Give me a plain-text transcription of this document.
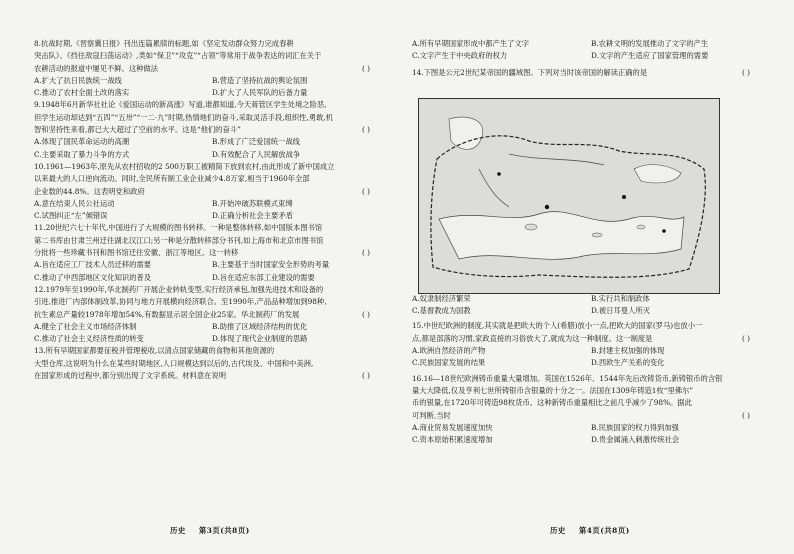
8.抗战时期,《晋察冀日报》刊出连篇累牍的标题,如《坚定发动群众努力完成春耕
突击队》、《挡住敌寇扫荡运动》,类如“保卫”“攻克”“占领”等常用于战争表达的词汇在关于
( )
农耕活动的报道中屡见不鲜。这种做法
A.扩大了抗日民族统一战线	B.营造了坚持抗战的舆论氛围
C.推动了农村全面土改的落实	D.扩大了人民军队的后备力量
9.1948年6月新华社社论《爱国运动的新高涨》写道,谁都知道,今天蒋管区学生处境之险恶,
但学生运动却达到“五四”“五卅”“一二·九”时期,热情地们的奋斗,采取灵活手段,组织性,勇敢,机
( )
智和坚持性来看,都已大大超过了空前的水平。这是“他们的奋斗”
A.体现了国民革命运动的高潮	B.形成了广泛爱国统一战线
C.主要采取了暴力斗争的方式	D.有效配合了人民解放战争
10.1961—1963年,原先从农村招收的2 500万职工被精简下放到农村,由此形成了新中国成立
以来最大的人口逆向流动。同时,全民所有制工业企业减少4.8万家,相当于1960年全部
( )
企业数的44.8%。这表明党和政府
A.意在结束人民公社运动	B.开始冲破苏联模式束缚
C.试图纠正“左”倾错误	D.正确分析社会主要矛盾
11.20世纪六七十年代,中国进行了大规模的图书转移。一种是整体转移,如中国版本图书馆
第二书库由甘肃兰州迁往湖北汉江口;另一种是分散转移部分书刊,如上海市和北京市图书馆
( )
分批将一些珍藏书刊和图书馆迁往安徽、浙江等地区。这一转移
A.旨在适应工厂技术人员迁移的需要	B.主要基于当时国家安全形势的考量
C.推动了中西部地区文化知识的普及	D.旨在适应东部工业建设的需要
12.1979年至1990年,华北制药厂开展企业转轨变型,实行经济承包,加强先进技术和设备的
引进,推进厂内部体制改革,协同与地方开展横向经济联合。至1990年,产品品种增加到98种,
( )
抗生素总产量较1978年增加54%,有数据显示居全国企业25家。华北制药厂的发展
A.健全了社会主义市场经济体制	B.助推了区域经济结构的优化
C.推动了社会主义经济性质的转变	D.体现了现代企业制度的思路
13.所有早期国家都要征税并管理税收,以清点国家储藏的食物和其他资源的
大型仓库,这说明为什么在某些时期地区,人口规模达到以后的,古代埃及、中国和中美洲,
( )
在国家形成的过程中,都分别出现了文字系统。材料意在说明
历史 第3页(共8页)
A.所有早期国家形成中都产生了文字	B.农耕文明的发展推动了文字的产生
C.文字产生于中央政府的权力	D.文字的产生适应了国家管理的需要
( )
14.下图是公元2世纪某帝国的疆域图。下列对当时该帝国的解读正确的是
A.奴隶制经济繁荣	B.实行共和制政体
C.基督教成为国教	D.被日耳曼人所灭
15.中世纪欧洲的制度,其实就是把欧大的个人(希腊)放小一点,把欧大的国家(罗马)也放小一
( )
点,都是部落的习惯,家政直接的习俗放大了,就成为这一种制度。这一制度是
A.欧洲自然经济的产物	B.封建主权加强的体现
C.民族国家发展的结果	D.西欧生产关系的变化
16.16—18世纪欧洲铸币重量大量增加。英国在1526年、1544年先后改铸货币,新铸银币的含银
量大大降低,仅及亨利七世所铸银币含银量的十分之一。法国在1309年铸造1枚“里佛尔”
币的银量,在1720年可铸造98枚货币。这种新铸币重量相比之前几乎减少了98%。据此
( )
可判断,当时
A.商业贸易发展速度加快	B.民族国家的权力得到加强
C.资本原始积累速度增加	D.贵金属涌入刺激传统社会
历史 第4页(共8页)
